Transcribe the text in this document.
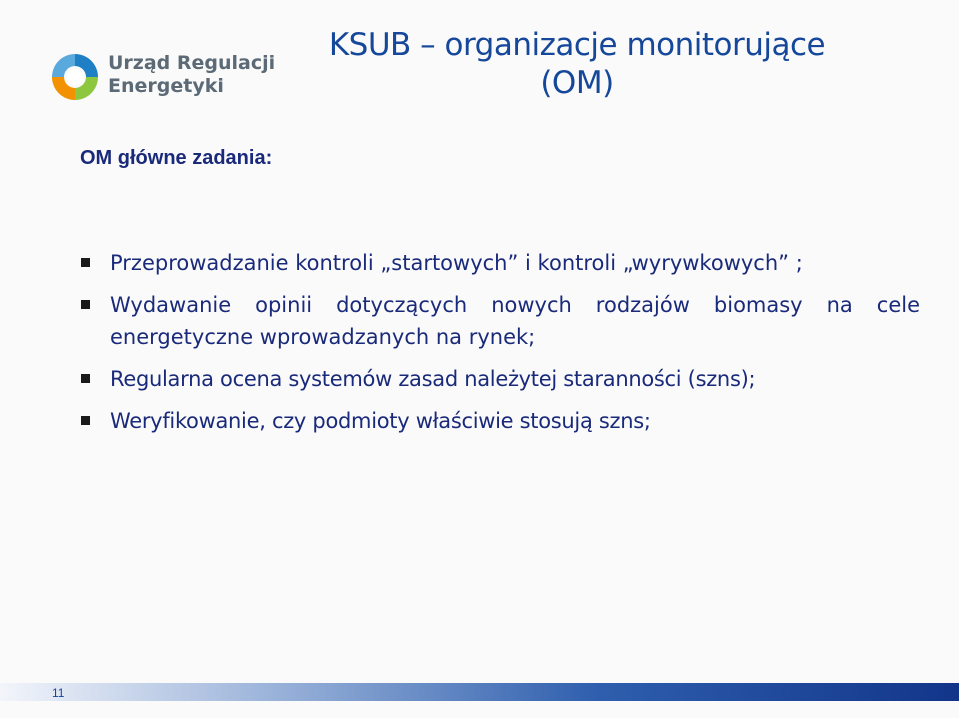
Urząd Regulacji
Energetyki
KSUB – organizacje monitorujące
(OM)
OM główne zadania:
Przeprowadzanie kontroli „startowych” i kontroli „wyrywkowych” ;
Wydawanie opinii dotyczących nowych rodzajów biomasy na cele energetyczne wprowadzanych na rynek;
Regularna ocena systemów zasad należytej staranności (szns);
Weryfikowanie, czy podmioty właściwie stosują szns;
11
